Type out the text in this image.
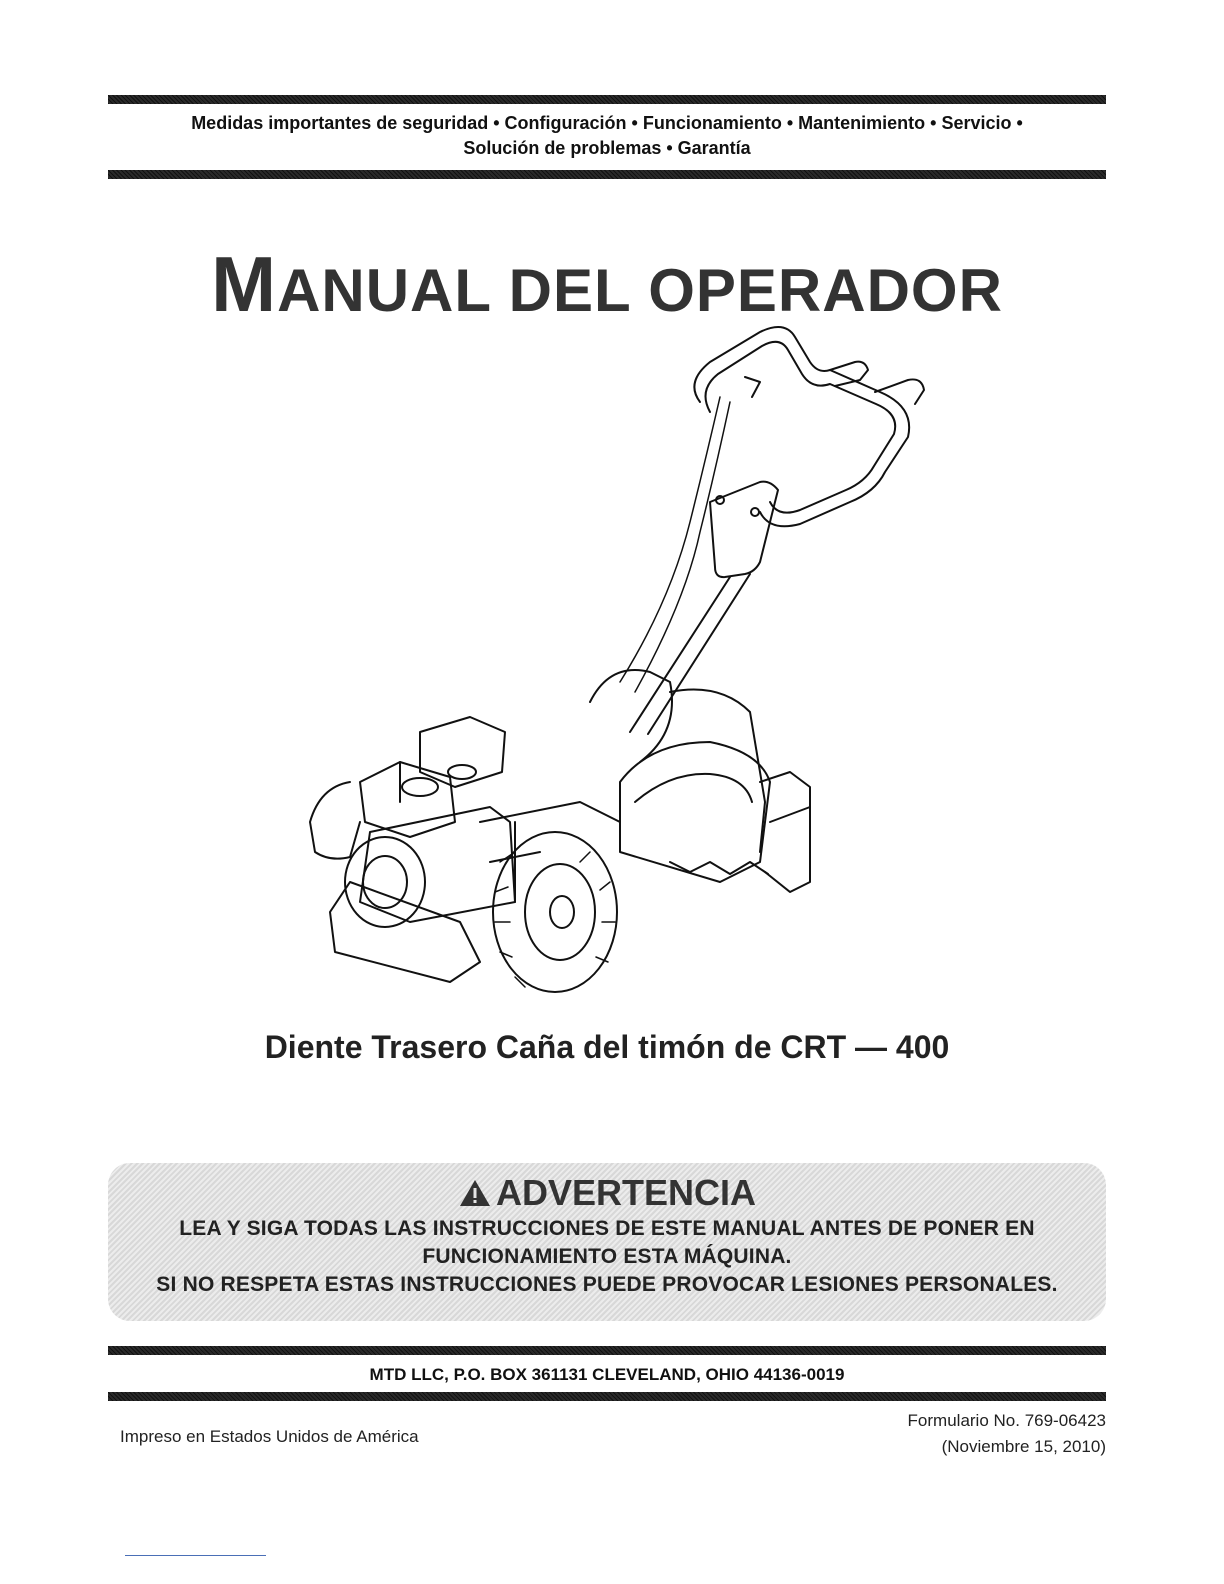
Medidas importantes de seguridad • Configuración • Funcionamiento • Mantenimiento • Servicio •
Solución de problemas • Garantía
MANUAL DEL OPERADOR
Diente Trasero Caña del timón de CRT — 400
ADVERTENCIA
LEA Y SIGA TODAS LAS INSTRUCCIONES DE ESTE MANUAL ANTES DE PONER EN
FUNCIONAMIENTO ESTA MÁQUINA.
SI NO RESPETA ESTAS INSTRUCCIONES PUEDE PROVOCAR LESIONES PERSONALES.
MTD LLC, P.O. BOX 361131 CLEVELAND, OHIO 44136-0019
Impreso en Estados Unidos de América
Formulario No. 769-06423
(Noviembre 15, 2010)
